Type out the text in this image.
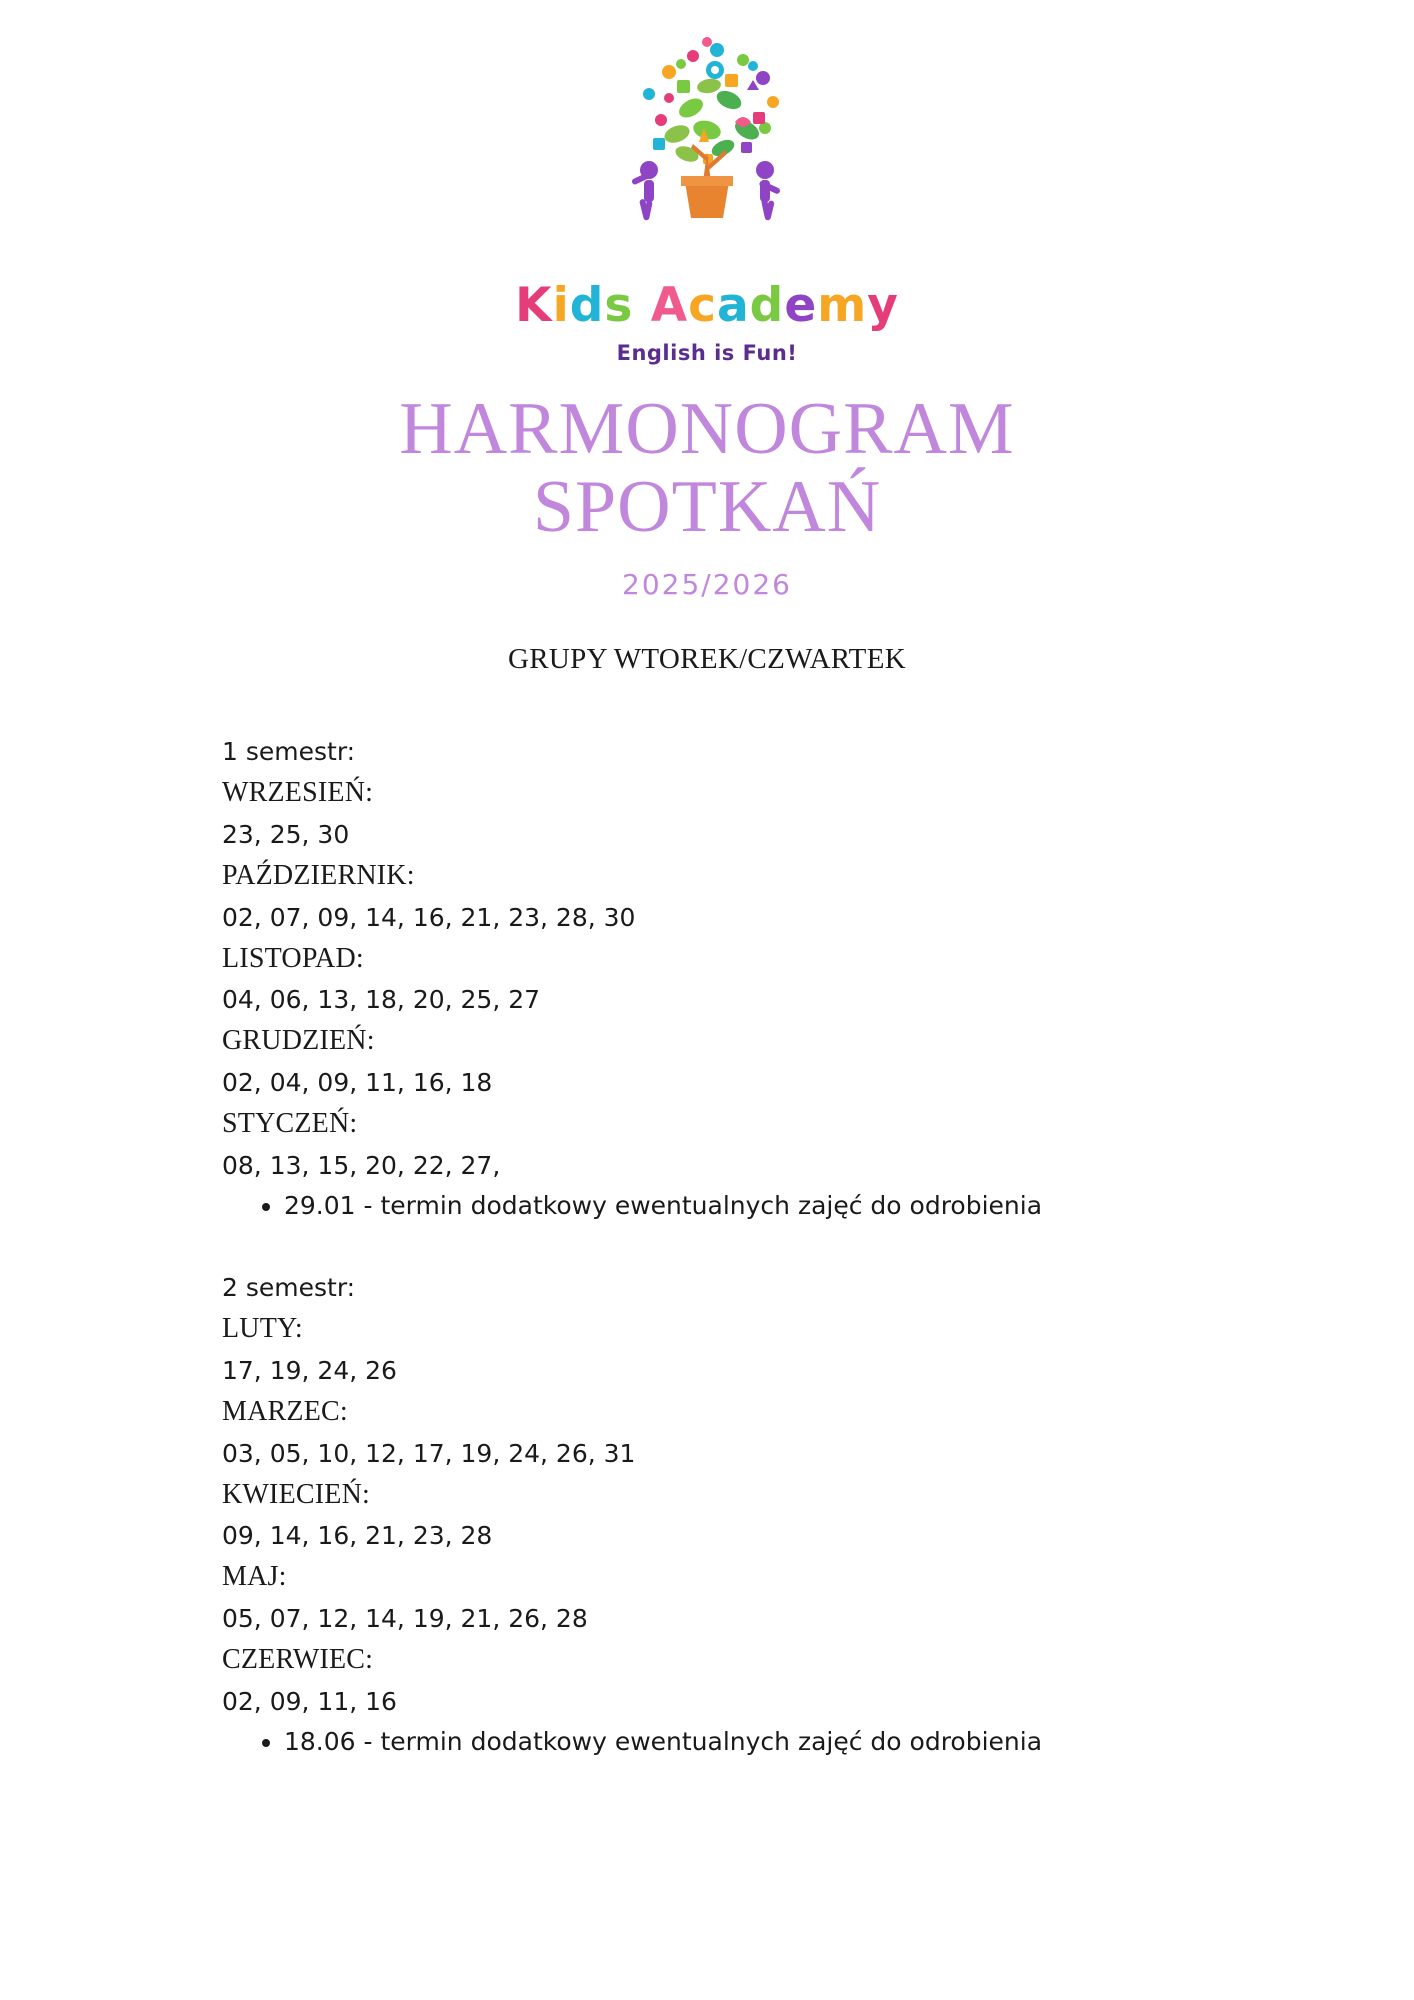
Kids Academy
English is Fun!
HARMONOGRAM SPOTKAŃ
2025/2026
GRUPY WTOREK/CZWARTEK

1 semestr:

WRZESIEŃ:

23, 25, 30

PAŹDZIERNIK:

02, 07, 09, 14, 16, 21, 23, 28, 30

LISTOPAD:

04, 06, 13, 18, 20, 25, 27

GRUDZIEŃ:

02, 04, 09, 11, 16, 18

STYCZEŃ:

08, 13, 15, 20, 22, 27,

• 29.01 - termin dodatkowy ewentualnych zajęć do odrobienia

2 semestr:

LUTY:

17, 19, 24, 26

MARZEC:

03, 05, 10, 12, 17, 19, 24, 26, 31

KWIECIEŃ:

09, 14, 16, 21, 23, 28

MAJ:

05, 07, 12, 14, 19, 21, 26, 28

CZERWIEC:

02, 09, 11, 16

• 18.06 - termin dodatkowy ewentualnych zajęć do odrobienia
